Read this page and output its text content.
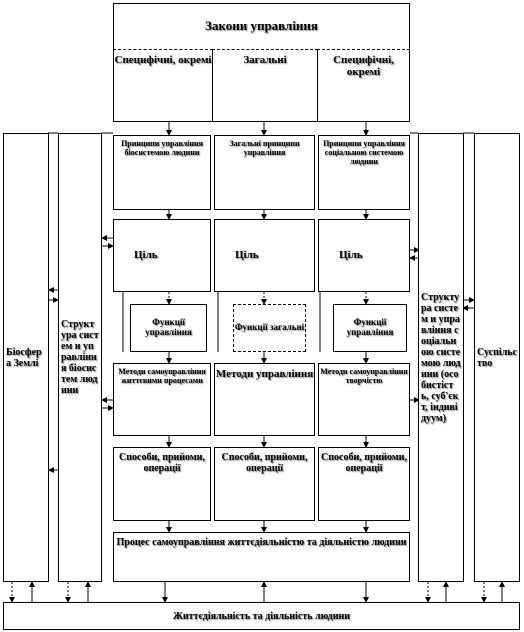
Закони управління
Специфічні, окремі	Загальні	Специфічні, окремі
Принципи управління біосистемою людини
Загальні принципи управління
Принципи управління соціальною системою людини
Ціль	Ціль	Ціль
Функції управління	Функції загальні	Функції управління
Методи самоуправління життєвими процесами
Методи управління Методи самоуправління творчістю
Способи, прийоми, операції
Способи, прийоми, операції
Способи, прийоми, операції
Процес самоуправління життєдіяльністю та діяльністю людини
Біосфера Землі
Структура систем и управління біосистем людини
Структура систем и управління соціальною системою людини (особистість, суб'єкт, індивідуум)
Суспільство
Життєдіяльність та діяльність людини
